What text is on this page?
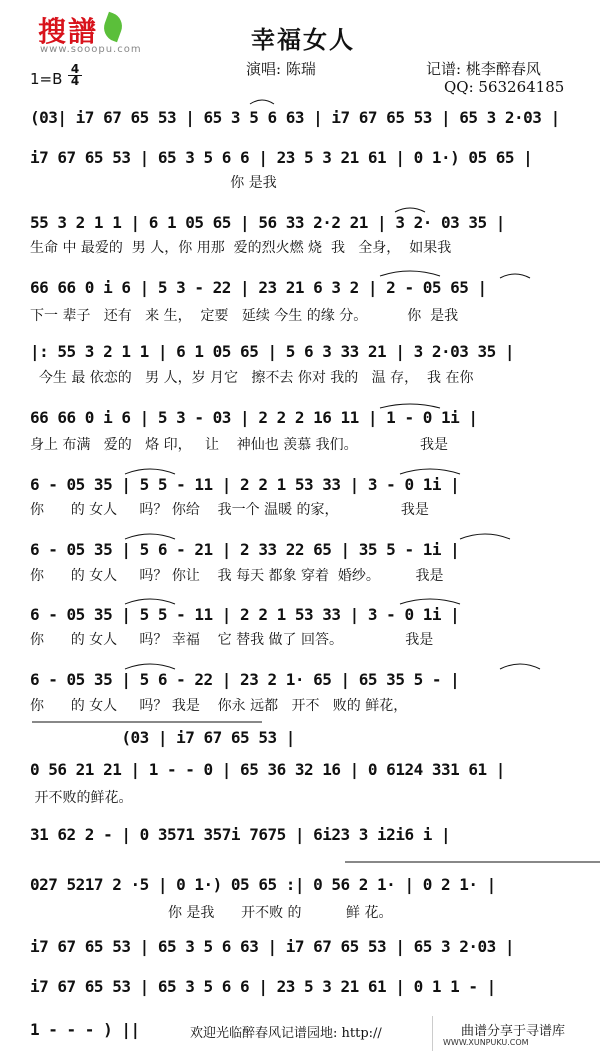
搜譜
www.sooopu.com	幸福女人
1=B
4
4
演唱: 陈瑞	记谱: 桃李醉春风
QQ: 563264185
(03| i7 67 65 53 | 65 3 5 6 63 | i7 67 65 53 | 65 3 2·03 |
i7 67 65 53 | 65 3 5 6 6 | 23 5 3 21 61 | 0 1·) 05 65 |
你 是我
55 3 2 1 1 | 6 1 05 65 | 56 33 2·2 21 | 3 2· 03 35 |
生命 中 最爱的  男 人，你 用那  爱的烈火燃 烧  我   全身，  如果我
66 66 0 i 6 | 5 3 - 22 | 23 21 6 3 2 | 2 - 05 65 |
下一 辈子   还有   来 生，  定要   延续 今生 的缘 分。         你  是我
|: 55 3 2 1 1 | 6 1 05 65 | 5 6 3 33 21 | 3 2·03 35 |
今生 最 依恋的   男 人，岁 月它   擦不去 你对 我的   温 存，  我 在你
66 66 0 i 6 | 5 3 - 03 | 2 2 2 16 11 | 1 - 0 1i |
身上 布满   爱的   烙 印，   让    神仙也 羡慕 我们。              我是
6 - 05 35 | 5 5 - 11 | 2 2 1 53 33 | 3 - 0 1i |
你      的 女人     吗？ 你给    我一个 温暖 的家，              我是
6 - 05 35 | 5 6 - 21 | 2 33 22 65 | 35 5 - 1i |
你      的 女人     吗？ 你让    我 每天 都象 穿着  婚纱。        我是
6 - 05 35 | 5 5 - 11 | 2 2 1 53 33 | 3 - 0 1i |
你      的 女人     吗？ 幸福    它 替我 做了 回答。              我是
6 - 05 35 | 5 6 - 22 | 23 2 1· 65 | 65 35 5 - |
你      的 女人     吗？ 我是    你永 远都   开不   败的 鲜花，
(03 | i7 67 65 53 |
0 56 21 21 | 1 - - 0 | 65 36 32 16 | 0 6124 331 61 |
开不败的鲜花。
31 62 2 - | 0 3571 357i 7675 | 6i23 3 i2i6 i |
027 5217 2 ·5 | 0 1·) 05 65 :| 0 56 2 1· | 0 2 1· |
你 是我      开不败 的          鲜 花。
i7 67 65 53 | 65 3 5 6 63 | i7 67 65 53 | 65 3 2·03 |
i7 67 65 53 | 65 3 5 6 6 | 23 5 3 21 61 | 0 1 1 - |
1 - - - ) ||	欢迎光临醉春风记谱园地: http://	曲谱分享于寻谱库
WWW.XUNPUKU.COM
